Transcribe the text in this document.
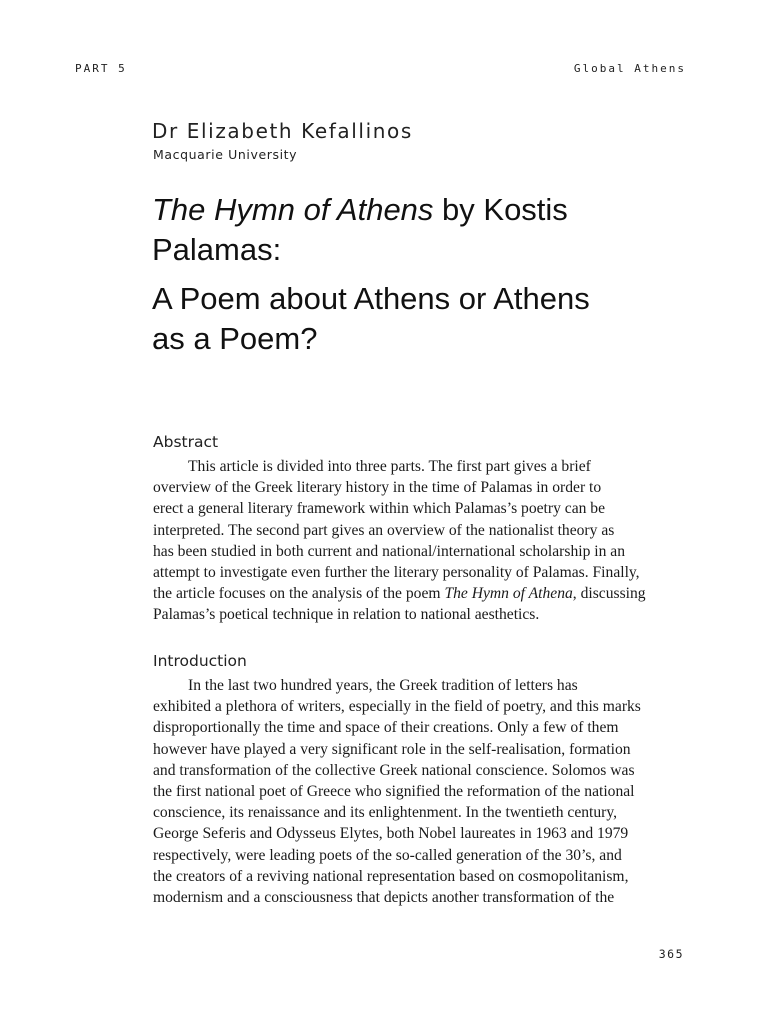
PART 5	Global Athens

Dr Elizabeth Kefallinos

Macquarie University

The Hymn of Athens by Kostis
Palamas:
A Poem about Athens or Athens
as a Poem?
Abstract

This article is divided into three parts. The first part gives a brief
overview of the Greek literary history in the time of Palamas in order to
erect a general literary framework within which Palamas’s poetry can be
interpreted. The second part gives an overview of the nationalist theory as
has been studied in both current and national/international scholarship in an
attempt to investigate even further the literary personality of Palamas. Finally,
the article focuses on the analysis of the poem The Hymn of Athena, discussing
Palamas’s poetical technique in relation to national aesthetics.

Introduction

In the last two hundred years, the Greek tradition of letters has
exhibited a plethora of writers, especially in the field of poetry, and this marks
disproportionally the time and space of their creations. Only a few of them
however have played a very significant role in the self-realisation, formation
and transformation of the collective Greek national conscience. Solomos was
the first national poet of Greece who signified the reformation of the national
conscience, its renaissance and its enlightenment. In the twentieth century,
George Seferis and Odysseus Elytes, both Nobel laureates in 1963 and 1979
respectively, were leading poets of the so-called generation of the 30’s, and
the creators of a reviving national representation based on cosmopolitanism,
modernism and a consciousness that depicts another transformation of the

365
